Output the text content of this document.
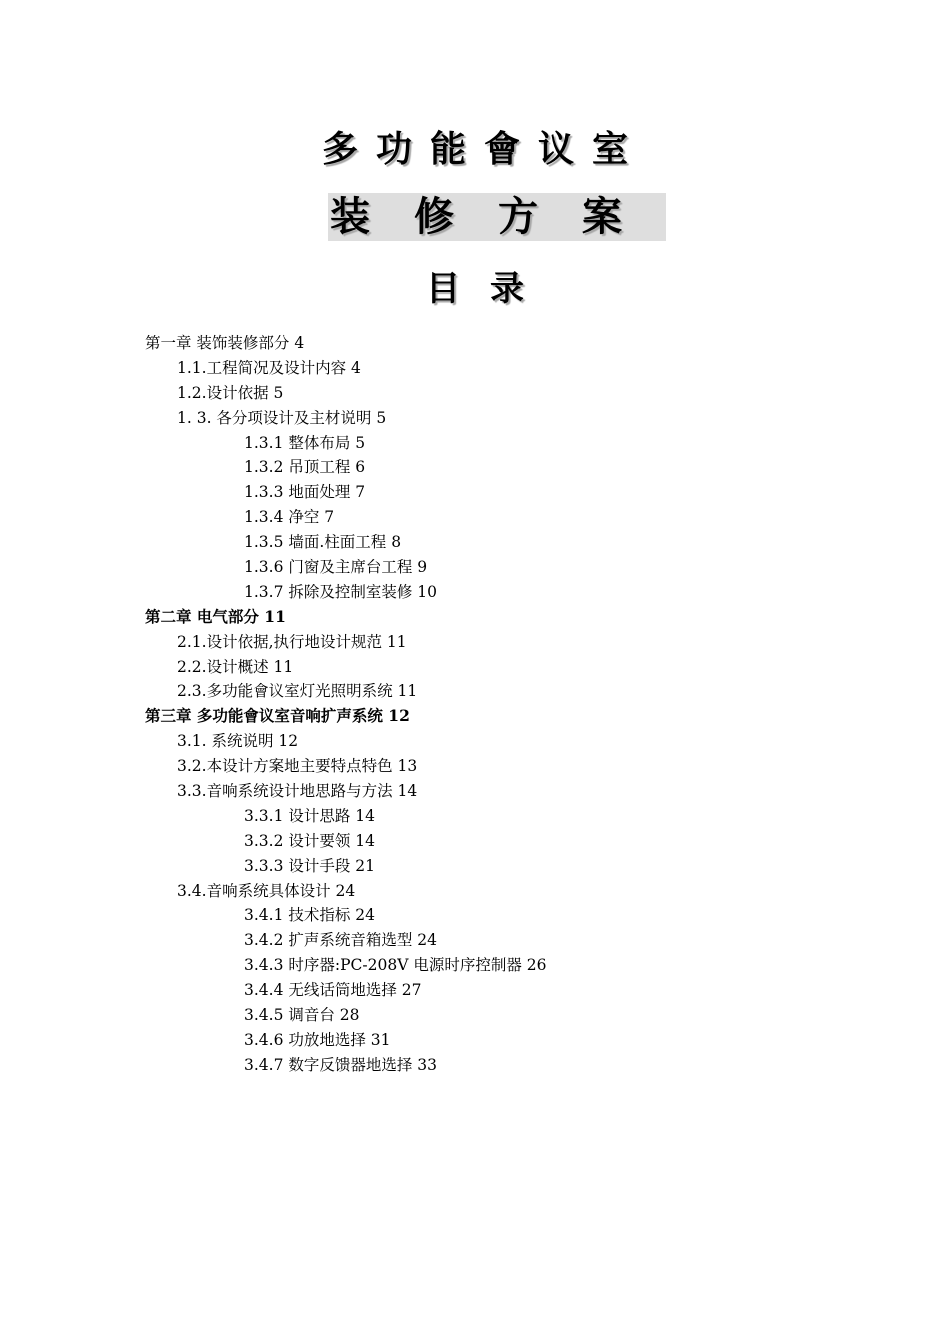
多功能會议室
装修方案
目录
第一章 装饰装修部分 4
1.1.工程简况及设计内容 4
1.2.设计依据 5
1. 3. 各分项设计及主材说明 5
1.3.1 整体布局 5
1.3.2 吊顶工程 6
1.3.3 地面处理 7
1.3.4 净空 7
1.3.5 墙面.柱面工程 8
1.3.6 门窗及主席台工程 9
1.3.7 拆除及控制室装修 10
第二章 电气部分 11
2.1.设计依据,执行地设计规范 11
2.2.设计概述 11
2.3.多功能會议室灯光照明系统 11
第三章 多功能會议室音响扩声系统 12
3.1. 系统说明 12
3.2.本设计方案地主要特点特色 13
3.3.音响系统设计地思路与方法 14
3.3.1 设计思路 14
3.3.2 设计要领 14
3.3.3 设计手段 21
3.4.音响系统具体设计 24
3.4.1 技术指标 24
3.4.2 扩声系统音箱选型 24
3.4.3 时序器:PC-208V 电源时序控制器 26
3.4.4 无线话筒地选择 27
3.4.5 调音台 28
3.4.6 功放地选择 31
3.4.7 数字反馈器地选择 33
